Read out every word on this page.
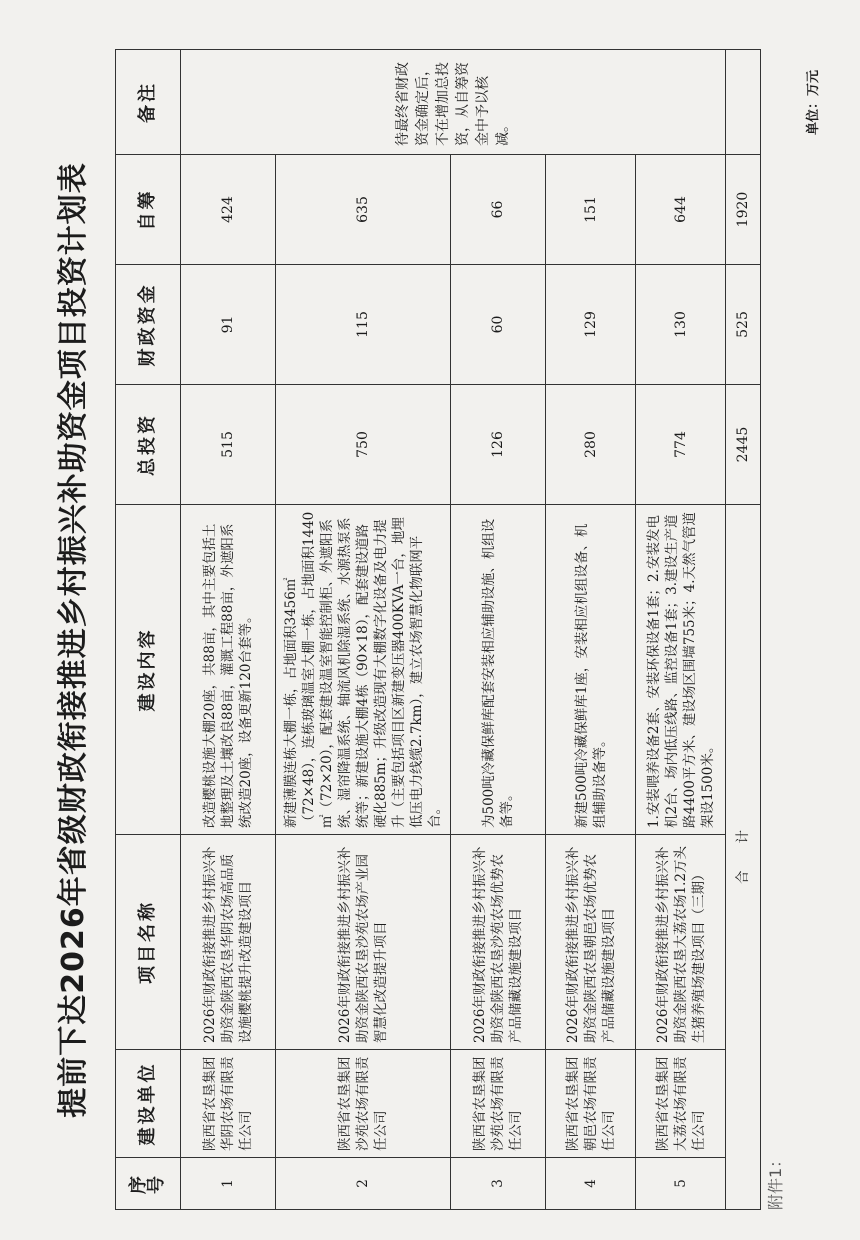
附件1：
提前下达2026年省级财政衔接推进乡村振兴补助资金项目投资计划表
单位：万元
序号	建设单位	项目名称	建设内容	总投资	财政资金	自筹	备注
1	陕西省农垦集团华阴农场有限责任公司	2026年财政衔接推进乡村振兴补助资金陕西农垦华阴农场高品质设施樱桃提升改造建设项目	改造樱桃设施大棚20座，共88亩，其中主要包括土地整理及土壤改良88亩，灌溉工程88亩，外遮阳系统改造20座，设备更新120台套等。	515	91	424	待最终省财政资金确定后，不在增加总投资，从自筹资金中予以核减。
2	陕西省农垦集团沙苑农场有限责任公司	2026年财政衔接推进乡村振兴补助资金陕西农垦沙苑农场产业园智慧化改造提升项目	新建薄膜连栋大棚一栋，占地面积3456㎡（72×48），连栋玻璃温室大棚一栋，占地面积1440㎡（72×20），配套建设温室智能控制柜、外遮阳系统、湿帘降温系统、轴流风机除湿系统、水源热泵系统等；新建设施大棚4栋（90×18），配套建设道路硬化885m；升级改造现有大棚数字化设备及电力提升（主要包括项目区新建变压器400KVA一台，地埋低压电力线缆2.7km），建立农场智慧化物联网平台。	750	115	635	
3	陕西省农垦集团沙苑农场有限责任公司	2026年财政衔接推进乡村振兴补助资金陕西农垦沙苑农场优势农产品储藏设施建设项目	为500吨冷藏保鲜库配套安装相应辅助设施、机组设备等。	126	60	66	
4	陕西省农垦集团朝邑农场有限责任公司	2026年财政衔接推进乡村振兴补助资金陕西农垦朝邑农场优势农产品储藏设施建设项目	新建500吨冷藏保鲜库1座，安装相应机组设备、机组辅助设备等。	280	129	151	
5	陕西省农垦集团大荔农场有限责任公司	2026年财政衔接推进乡村振兴补助资金陕西农垦大荔农场1.2万头生猪养殖场建设项目（三期）	1.安装喂养设备2套、安装环保设备1套；2.安装发电机2台、场内低压线路、监控设备1套；3.建设生产道路4400平方米、建设场区围墙755米；4.天然气管道架设1500米。	774	130	644	
合　　计				2445	525	1920	
